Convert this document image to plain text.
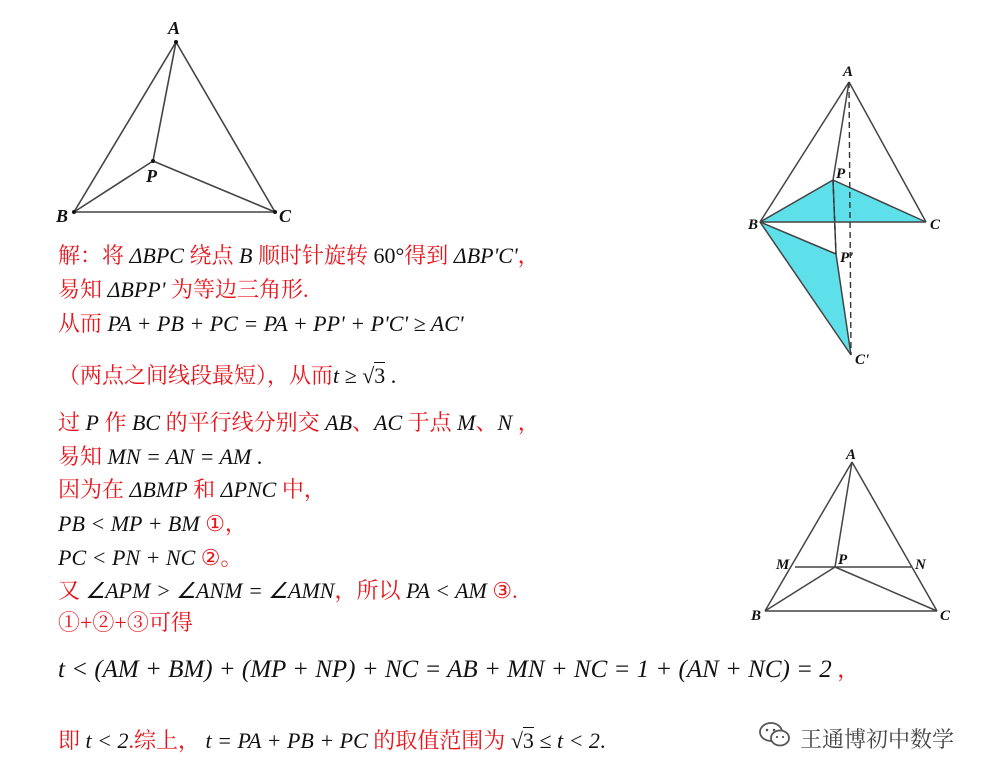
A
B	C
P
A
B	C
P
P'
C'
A
B	C
M	N
P
解：将 ΔBPC 绕点 B 顺时针旋转 60°得到 ΔBP'C'，
易知 ΔBPP' 为等边三角形.
从而 PA + PB + PC = PA + PP' + P'C' ≥ AC'
（两点之间线段最短），从而t ≥ √3 .
过 P 作 BC 的平行线分别交 AB、AC 于点 M、N ，
易知 MN = AN = AM .
因为在 ΔBMP 和 ΔPNC 中，
PB < MP + BM ①，
PC < PN + NC ②。
又 ∠APM > ∠ANM = ∠AMN，所以 PA < AM ③.
①+②+③可得
t < (AM + BM) + (MP + NP) + NC = AB + MN + NC = 1 + (AN + NC) = 2 ，
即 t < 2.综上， t = PA + PB + PC 的取值范围为 √3 ≤ t < 2.	王通博初中数学
